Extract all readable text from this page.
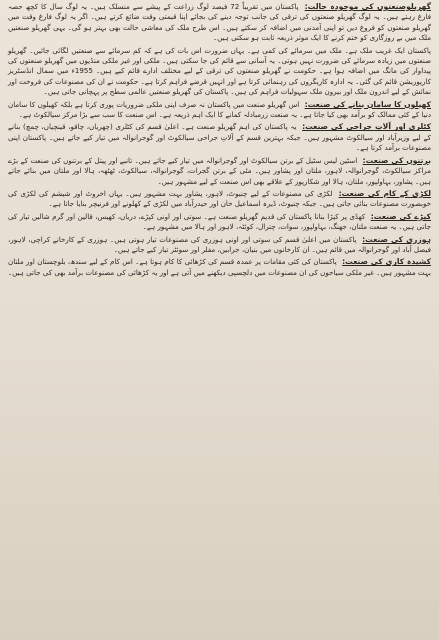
گھریلوصنعتوں کی موجودہ حالت: پاکستان میں تقریباً 72 فیصد لوگ زراعت کے پیشے سے منسلک ہیں۔ یہ لوگ سال کا کچھ حصہ فارغ رہتے ہیں۔ یہ لوگ گھریلو صنعتوں کی ترقی کی جانب توجہ دینے کی بجائے اپنا قیمتی وقت ضائع کرتے ہیں۔ اگر یہ لوگ فارغ وقت میں گھریلو صنعتوں کو فروغ دیں تو اپنی آمدنی میں اضافہ کر سکتے ہیں۔ اس طرح ملک کی معاشی حالت بھی بہتر ہو گی۔ یہی گھریلو صنعتیں ملک میں بے روزگاری کو ختم کرنے کا ایک موثر ذریعہ ثابت ہو سکتی ہیں۔

پاکستان ایک غریب ملک ہے۔ ملک میں سرمائے کی کمی ہے۔ یہاں ضرورت اس بات کی ہے کہ کم سرمائے سے صنعتیں لگائی جائیں۔ گھریلو صنعتوں میں زیادہ سرمائے کی ضرورت نہیں ہوتی۔ یہ آسانی سے قائم کی جا سکتی ہیں۔ ملکی اور غیر ملکی منڈیوں میں گھریلو صنعتوں کی پیداوار کی مانگ میں اضافہ ہوا ہے۔ حکومت نے گھریلو صنعتوں کی ترقی کے لیے مختلف ادارے قائم کیے ہیں۔ 1955ء میں سمال انڈسٹریز کارپوریشن قائم کی گئی۔ یہ ادارہ کاریگروں کی رہنمائی کرتا ہے اور انہیں قرضے فراہم کرتا ہے۔ حکومت نے ان کی مصنوعات کی فروخت اور نمائش کے لیے اندرون ملک اور بیرون ملک سہولیات فراہم کی ہیں۔ پاکستان کی گھریلو صنعتیں عالمی سطح پر پہچانی جاتی ہیں۔

کھیلوں کا سامان بنانے کی صنعت: اس گھریلو صنعت میں پاکستان نہ صرف اپنی ملکی ضروریات پوری کرتا ہے بلکہ کھیلوں کا سامان دنیا کے کئی ممالک کو برآمد بھی کیا جاتا ہے۔ یہ صنعت زرمبادلہ کمانے کا ایک اہم ذریعہ ہے۔ اس صنعت کا سب سے بڑا مرکز سیالکوٹ ہے۔

کٹلری اور آلاتِ جراحی کی صنعت: یہ پاکستان کی اہم گھریلو صنعت ہے۔ اعلیٰ قسم کی کٹلری (چھریاں، چاقو، قینچیاں، چمچ) بنانے کے لیے وزیرآباد اور سیالکوٹ مشہور ہیں۔ جبکہ بہترین قسم کے آلاتِ جراحی سیالکوٹ اور گوجرانوالہ میں تیار کیے جاتے ہیں۔ پاکستان اپنی مصنوعات برآمد کرتا ہے۔

برتنوں کی صنعت: اسٹین لیس سٹیل کے برتن سیالکوٹ اور گوجرانوالہ میں تیار کیے جاتے ہیں۔ تانبے اور پیتل کے برتنوں کی صنعت کے بڑے مراکز سیالکوٹ، گوجرانوالہ، لاہور، ملتان اور پشاور ہیں۔ مٹی کے برتن گجرات، گوجرانوالہ، سیالکوٹ، ٹھٹھہ، ہالا اور ملتان میں بنائے جاتے ہیں۔ پشاور، بہاولپور، ملتان، ہالا اور شکارپور کے علاقے بھی اس صنعت کے لیے مشہور ہیں۔

لکڑی کے کام کی صنعت: لکڑی کی مصنوعات کے لیے چنیوٹ، لاہور، پشاور بہت مشہور ہیں۔ یہاں اخروٹ اور شیشم کی لکڑی کی خوبصورت مصنوعات بنائی جاتی ہیں۔ جبکہ چنیوٹ، ڈیرہ اسماعیل خان اور حیدرآباد میں لکڑی کے کھلونے اور فرنیچر بنایا جاتا ہے۔

کپڑے کی صنعت: کھڈی پر کپڑا بنانا پاکستان کی قدیم گھریلو صنعت ہے۔ سوتی اور اونی کپڑے، دریاں، کھیس، قالین اور گرم شالیں تیار کی جاتی ہیں۔ یہ صنعت ملتان، جھنگ، بہاولپور، سوات، چترال، کوئٹہ، لاہور اور ہالا میں مشہور ہے۔

ہوزری کی صنعت: پاکستان میں اعلیٰ قسم کی سوتی اور اونی ہوزری کی مصنوعات تیار ہوتی ہیں۔ ہوزری کے کارخانے کراچی، لاہور، فیصل آباد اور گوجرانوالہ میں قائم ہیں۔ ان کارخانوں میں بنیان، جرابیں، مفلر اور سوئٹر تیار کیے جاتے ہیں۔

کشیدہ کاری کی صنعت: پاکستان کی کئی مقامات پر عمدہ قسم کی کڑھائی کا کام ہوتا ہے۔ اس کام کے لیے سندھ، بلوچستان اور ملتان بہت مشہور ہیں۔ غیر ملکی سیاحوں کی ان مصنوعات میں دلچسپی دیکھنے میں آتی ہے اور یہ کڑھائی کی مصنوعات برآمد بھی کی جاتی ہیں۔
